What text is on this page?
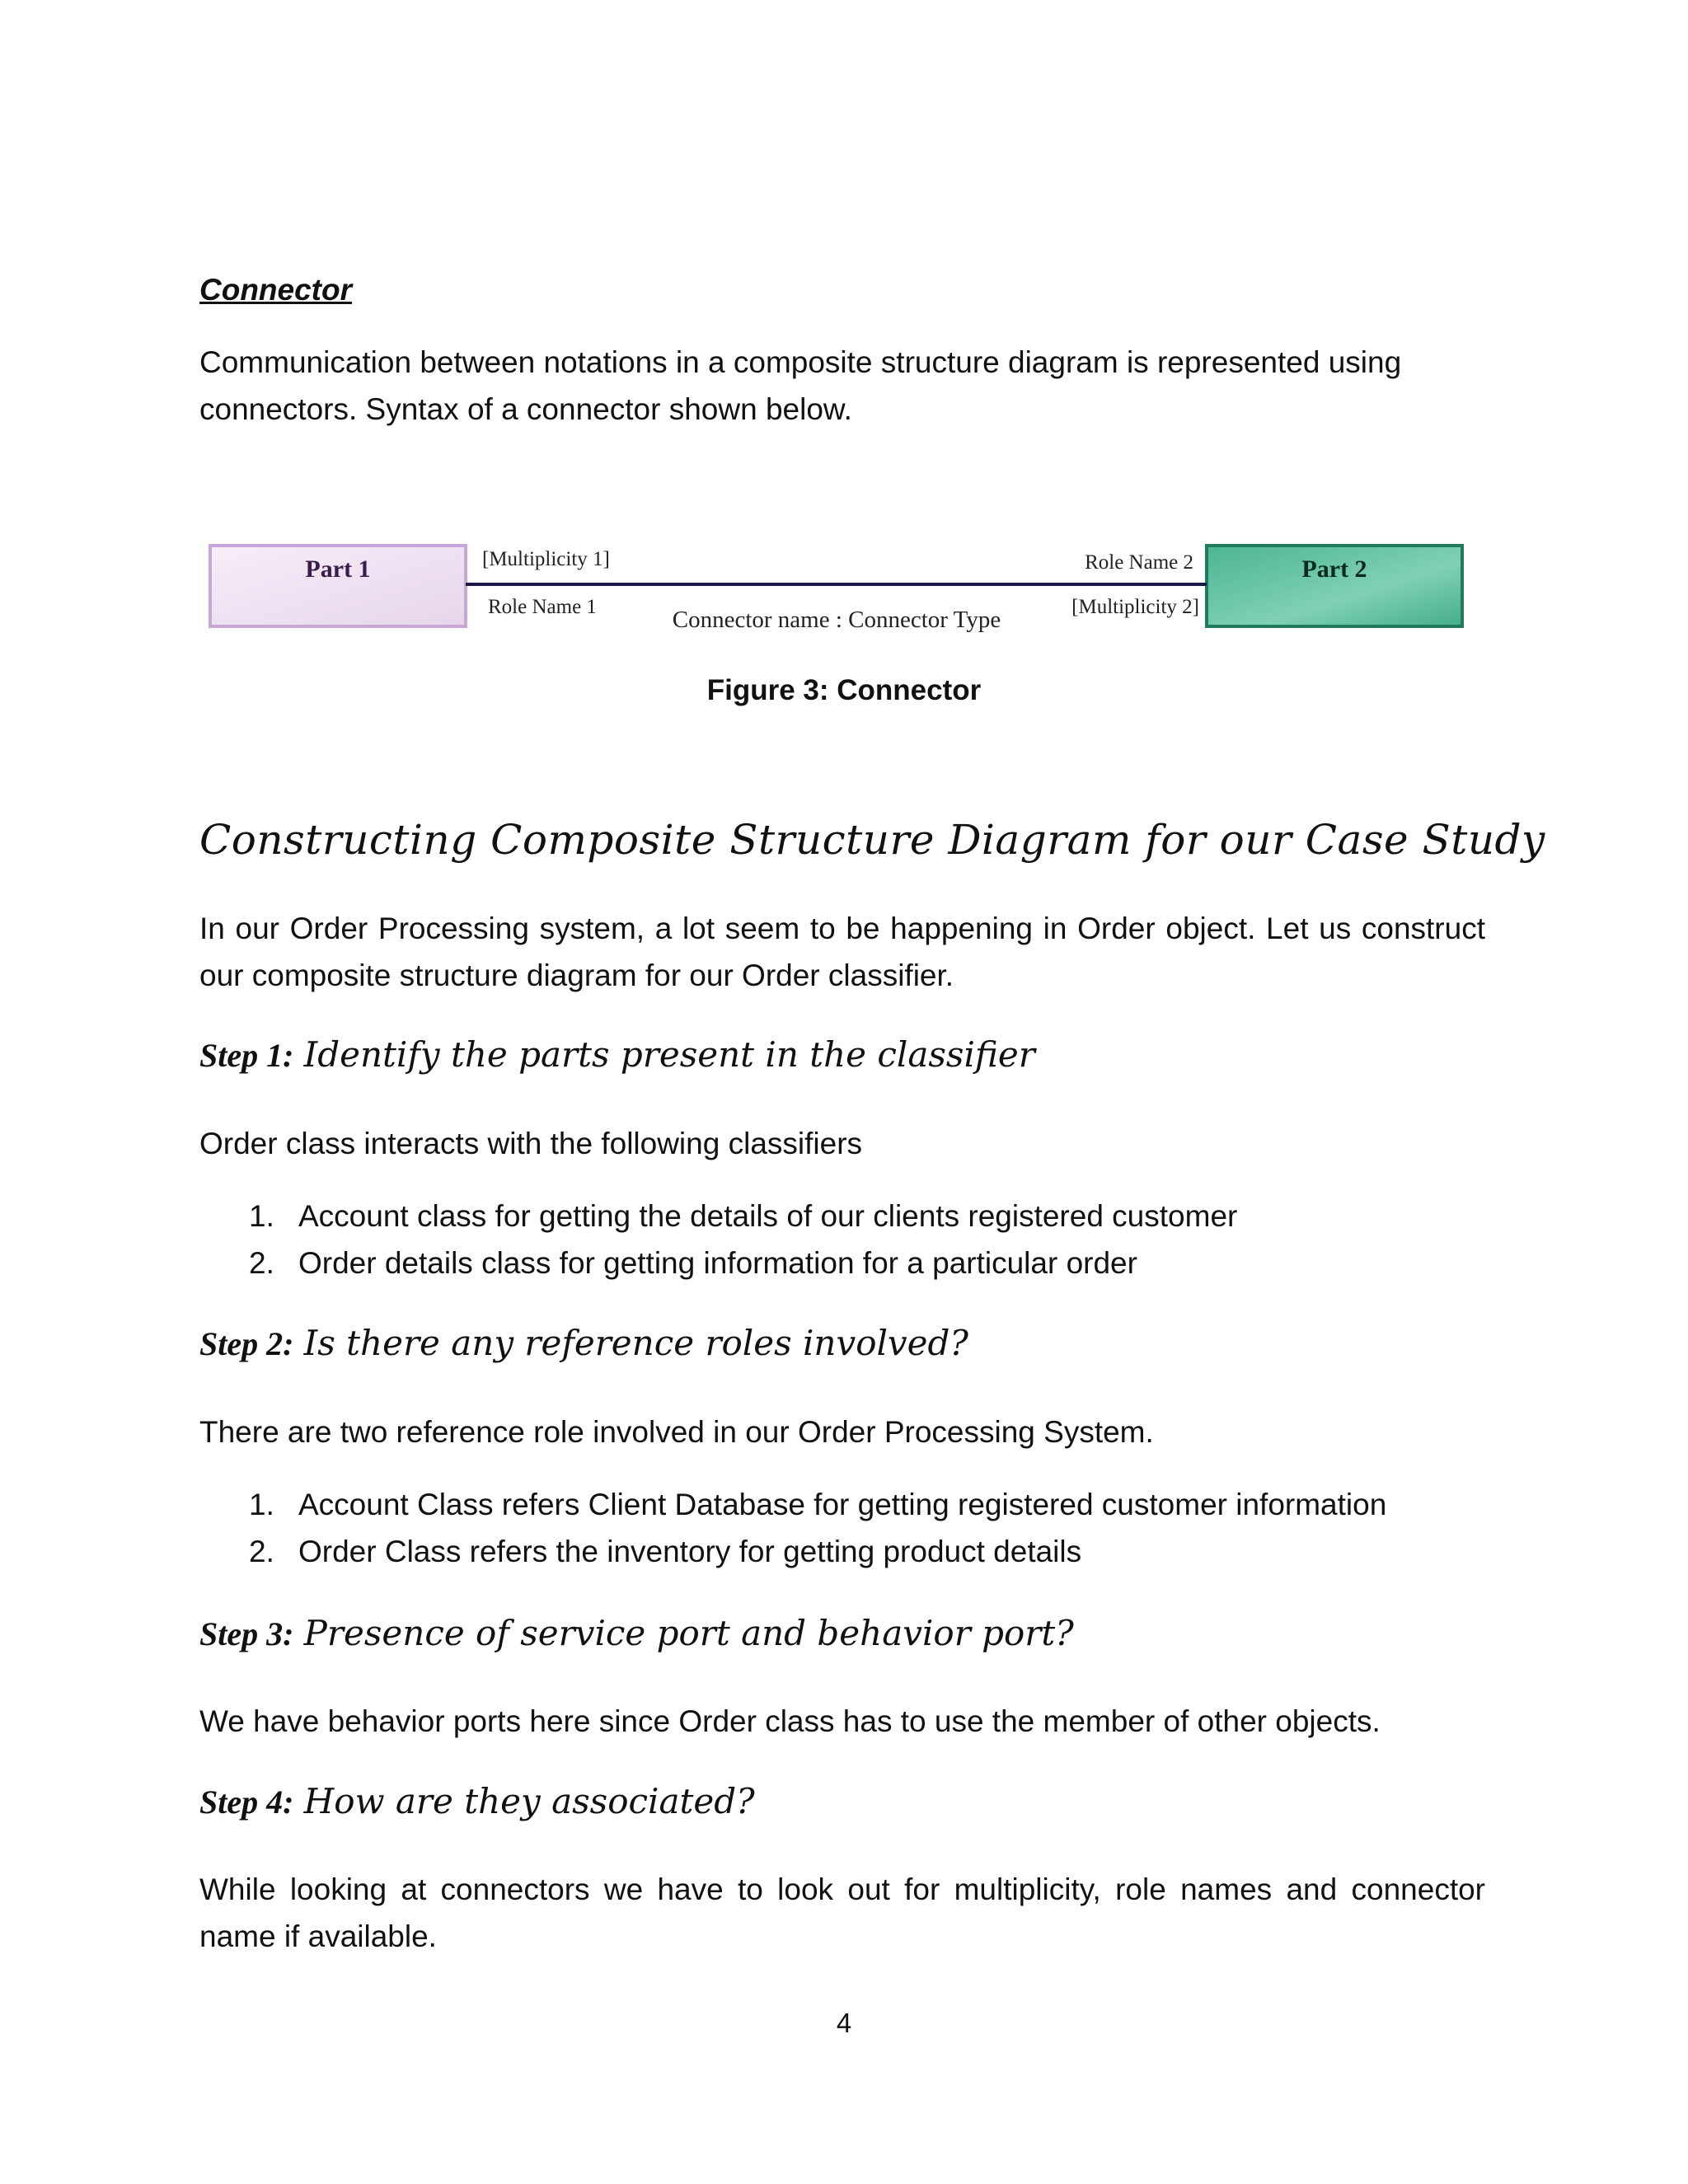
Connector
Communication between notations in a composite structure diagram is represented using
connectors. Syntax of a connector shown below.
Part 1	Part 2
[Multiplicity 1]
Role Name 1
Role Name 2
[Multiplicity 2]
Connector name : Connector Type
Figure 3: Connector
Constructing Composite Structure Diagram for our Case Study
In our Order Processing system, a lot seem to be happening in Order object. Let us construct our composite structure diagram for our Order classifier.
Step 1: Identify the parts present in the classifier
Order class interacts with the following classifiers
1. Account class for getting the details of our clients registered customer
2. Order details class for getting information for a particular order
Step 2: Is there any reference roles involved?
There are two reference role involved in our Order Processing System.
1. Account Class refers Client Database for getting registered customer information
2. Order Class refers the inventory for getting product details
Step 3: Presence of service port and behavior port?
We have behavior ports here since Order class has to use the member of other objects.
Step 4: How are they associated?
While looking at connectors we have to look out for multiplicity, role names and connector name if available.
4
